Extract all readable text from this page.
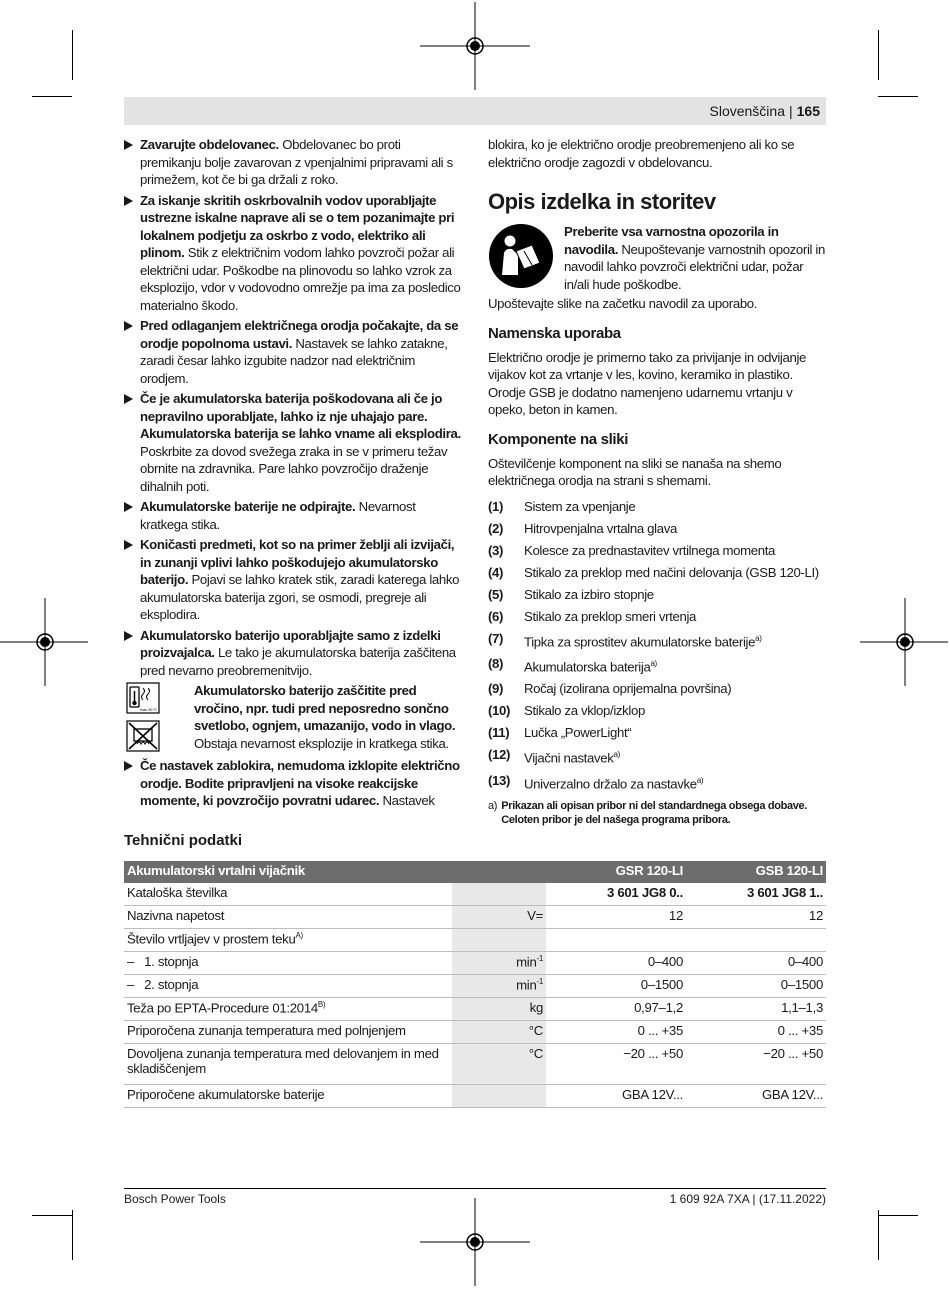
Slovenščina | 165
Zavarujte obdelovanec. Obdelovanec bo proti premikanju bolje zavarovan z vpenjalnimi pripravami ali s primežem, kot če bi ga držali z roko.
Za iskanje skritih oskrbovalnih vodov uporabljajte ustrezne iskalne naprave ali se o tem pozanimajte pri lokalnem podjetju za oskrbo z vodo, elektriko ali plinom. Stik z električnim vodom lahko povzroči požar ali električni udar. Poškodbe na plinovodu so lahko vzrok za eksplozijo, vdor v vodovodno omrežje pa ima za posledico materialno škodo.
Pred odlaganjem električnega orodja počakajte, da se orodje popolnoma ustavi. Nastavek se lahko zatakne, zaradi česar lahko izgubite nadzor nad električnim orodjem.
Če je akumulatorska baterija poškodovana ali če jo nepravilno uporabljate, lahko iz nje uhajajo pare. Akumulatorska baterija se lahko vname ali eksplodira. Poskrbite za dovod svežega zraka in se v primeru težav obrnite na zdravnika. Pare lahko povzročijo draženje dihalnih poti.
Akumulatorske baterije ne odpirajte. Nevarnost kratkega stika.
Koničasti predmeti, kot so na primer žeblji ali izvijači, in zunanji vplivi lahko poškodujejo akumulatorsko baterijo. Pojavi se lahko kratek stik, zaradi katerega lahko akumulatorska baterija zgori, se osmodi, pregreje ali eksplodira.
Akumulatorsko baterijo uporabljajte samo z izdelki proizvajalca. Le tako je akumulatorska baterija zaščitena pred nevarno preobremenitvijo.
max. 50 °C
Akumulatorsko baterijo zaščitite pred vročino, npr. tudi pred neposredno sončno svetlobo, ognjem, umazanijo, vodo in vlago. Obstaja nevarnost eksplozije in kratkega stika.
Če nastavek zablokira, nemudoma izklopite električno orodje. Bodite pripravljeni na visoke reakcijske momente, ki povzročijo povratni udarec. Nastavek

blokira, ko je električno orodje preobremenjeno ali ko se električno orodje zagozdi v obdelovancu.

Opis izdelka in storitev
Preberite vsa varnostna opozorila in navodila. Neupoštevanje varnostnih opozoril in navodil lahko povzroči električni udar, požar in/ali hude poškodbe.

Upoštevajte slike na začetku navodil za uporabo.

Namenska uporaba

Električno orodje je primerno tako za privijanje in odvijanje vijakov kot za vrtanje v les, kovino, keramiko in plastiko. Orodje GSB je dodatno namenjeno udarnemu vrtanju v opeko, beton in kamen.

Komponente na sliki

Oštevilčenje komponent na sliki se nanaša na shemo električnega orodja na strani s shemami.

(1)	Sistem za vpenjanje
(2)	Hitrovpenjalna vrtalna glava
(3)	Kolesce za prednastavitev vrtilnega momenta
(4)	Stikalo za preklop med načini delovanja (GSB 120-LI)
(5)	Stikalo za izbiro stopnje
(6)	Stikalo za preklop smeri vrtenja
(7)	Tipka za sprostitev akumulatorske baterije$^{a)}$
(8)	Akumulatorska baterija$^{a)}$
(9)	Ročaj (izolirana oprijemalna površina)
(10)	Stikalo za vklop/izklop
(11)	Lučka „PowerLight“
(12)	Vijačni nastavek$^{a)}$
(13)	Univerzalno držalo za nastavke$^{a)}$
a) Prikazan ali opisan pribor ni del standardnega obsega dobave. Celoten pribor je del našega programa pribora.
Tehnični podatki
Akumulatorski vrtalni vijačnik		GSR 120-LI	GSB 120-LI
Kataloška številka		3 601 JG8 0..	3 601 JG8 1..
Nazivna napetost	V=	12	12
Število vrtljajev v prostem teku$^{A)}$			
–   1. stopnja	$\min^{-1}$	0–400	0–400
–   2. stopnja	$\min^{-1}$	0–1500	0–1500
Teža po EPTA-Procedure $01:2014^{B)}$	kg	0,97–1,2	1,1–1,3
Priporočena zunanja temperatura med polnjenjem	°C	0 ... +35	0 ... +35
Dovoljena zunanja temperatura med delovanjem in med skladiščenjem	°C	−20 ... +50	−20 ... +50
Priporočene akumulatorske baterije		GBA 12V...	GBA 12V...
Bosch Power Tools	1 609 92A 7XA | (17.11.2022)
